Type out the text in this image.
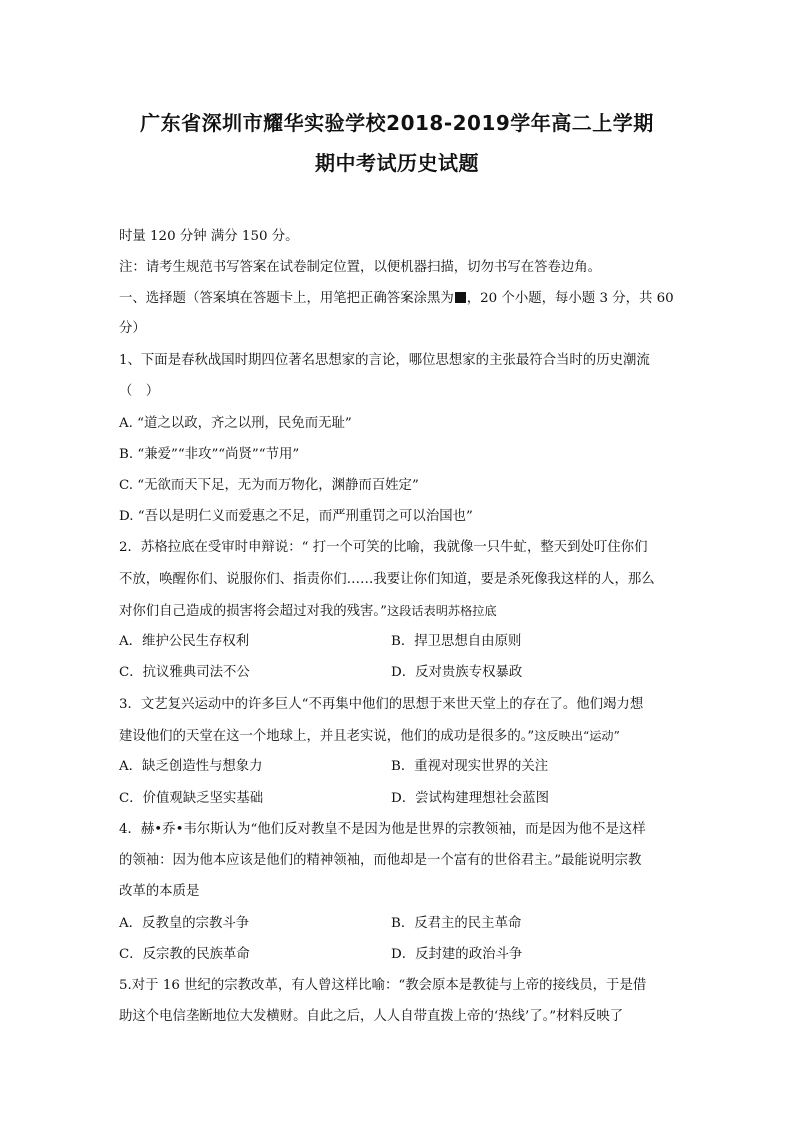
广东省深圳市耀华实验学校2018-2019学年高二上学期
期中考试历史试题
时量 120 分钟 满分 150 分。
注：请考生规范书写答案在试卷制定位置，以便机器扫描，切勿书写在答卷边角。
一、选择题（答案填在答题卡上，用笔把正确答案涂黑为 ，20 个小题，每小题 3 分，共 60
分）
1、下面是春秋战国时期四位著名思想家的言论，哪位思想家的主张最符合当时的历史潮流
（　）
A. “道之以政，齐之以刑，民免而无耻”
B. “兼爱”“非攻”“尚贤”“节用”
C. “无欲而天下足，无为而万物化，渊静而百姓定”
D. “吾以是明仁义而爱惠之不足，而严刑重罚之可以治国也”
2．苏格拉底在受审时申辩说：“ 打一个可笑的比喻，我就像一只牛虻，整天到处叮住你们
不放，唤醒你们、说服你们、指责你们……我要让你们知道，要是杀死像我这样的人，那么
对你们自己造成的损害将会超过对我的残害。”这段话表明苏格拉底
A．维护公民生存权利	B．捍卫思想自由原则
C．抗议雅典司法不公	D．反对贵族专权暴政
3．文艺复兴运动中的许多巨人“不再集中他们的思想于来世天堂上的存在了。他们竭力想
建设他们的天堂在这一个地球上，并且老实说，他们的成功是很多的。”这反映出“运动”
A．缺乏创造性与想象力	B．重视对现实世界的关注
C．价值观缺乏坚实基础	D．尝试构建理想社会蓝图
4．赫•乔•韦尔斯认为“他们反对教皇不是因为他是世界的宗教领袖，而是因为他不是这样
的领袖：因为他本应该是他们的精神领袖，而他却是一个富有的世俗君主。”最能说明宗教
改革的本质是
A．反教皇的宗教斗争	B．反君主的民主革命
C．反宗教的民族革命	D．反封建的政治斗争
5.对于 16 世纪的宗教改革，有人曾这样比喻：“教会原本是教徒与上帝的接线员，于是借
助这个电信垄断地位大发横财。自此之后，人人自带直拨上帝的‘热线’了。”材料反映了
